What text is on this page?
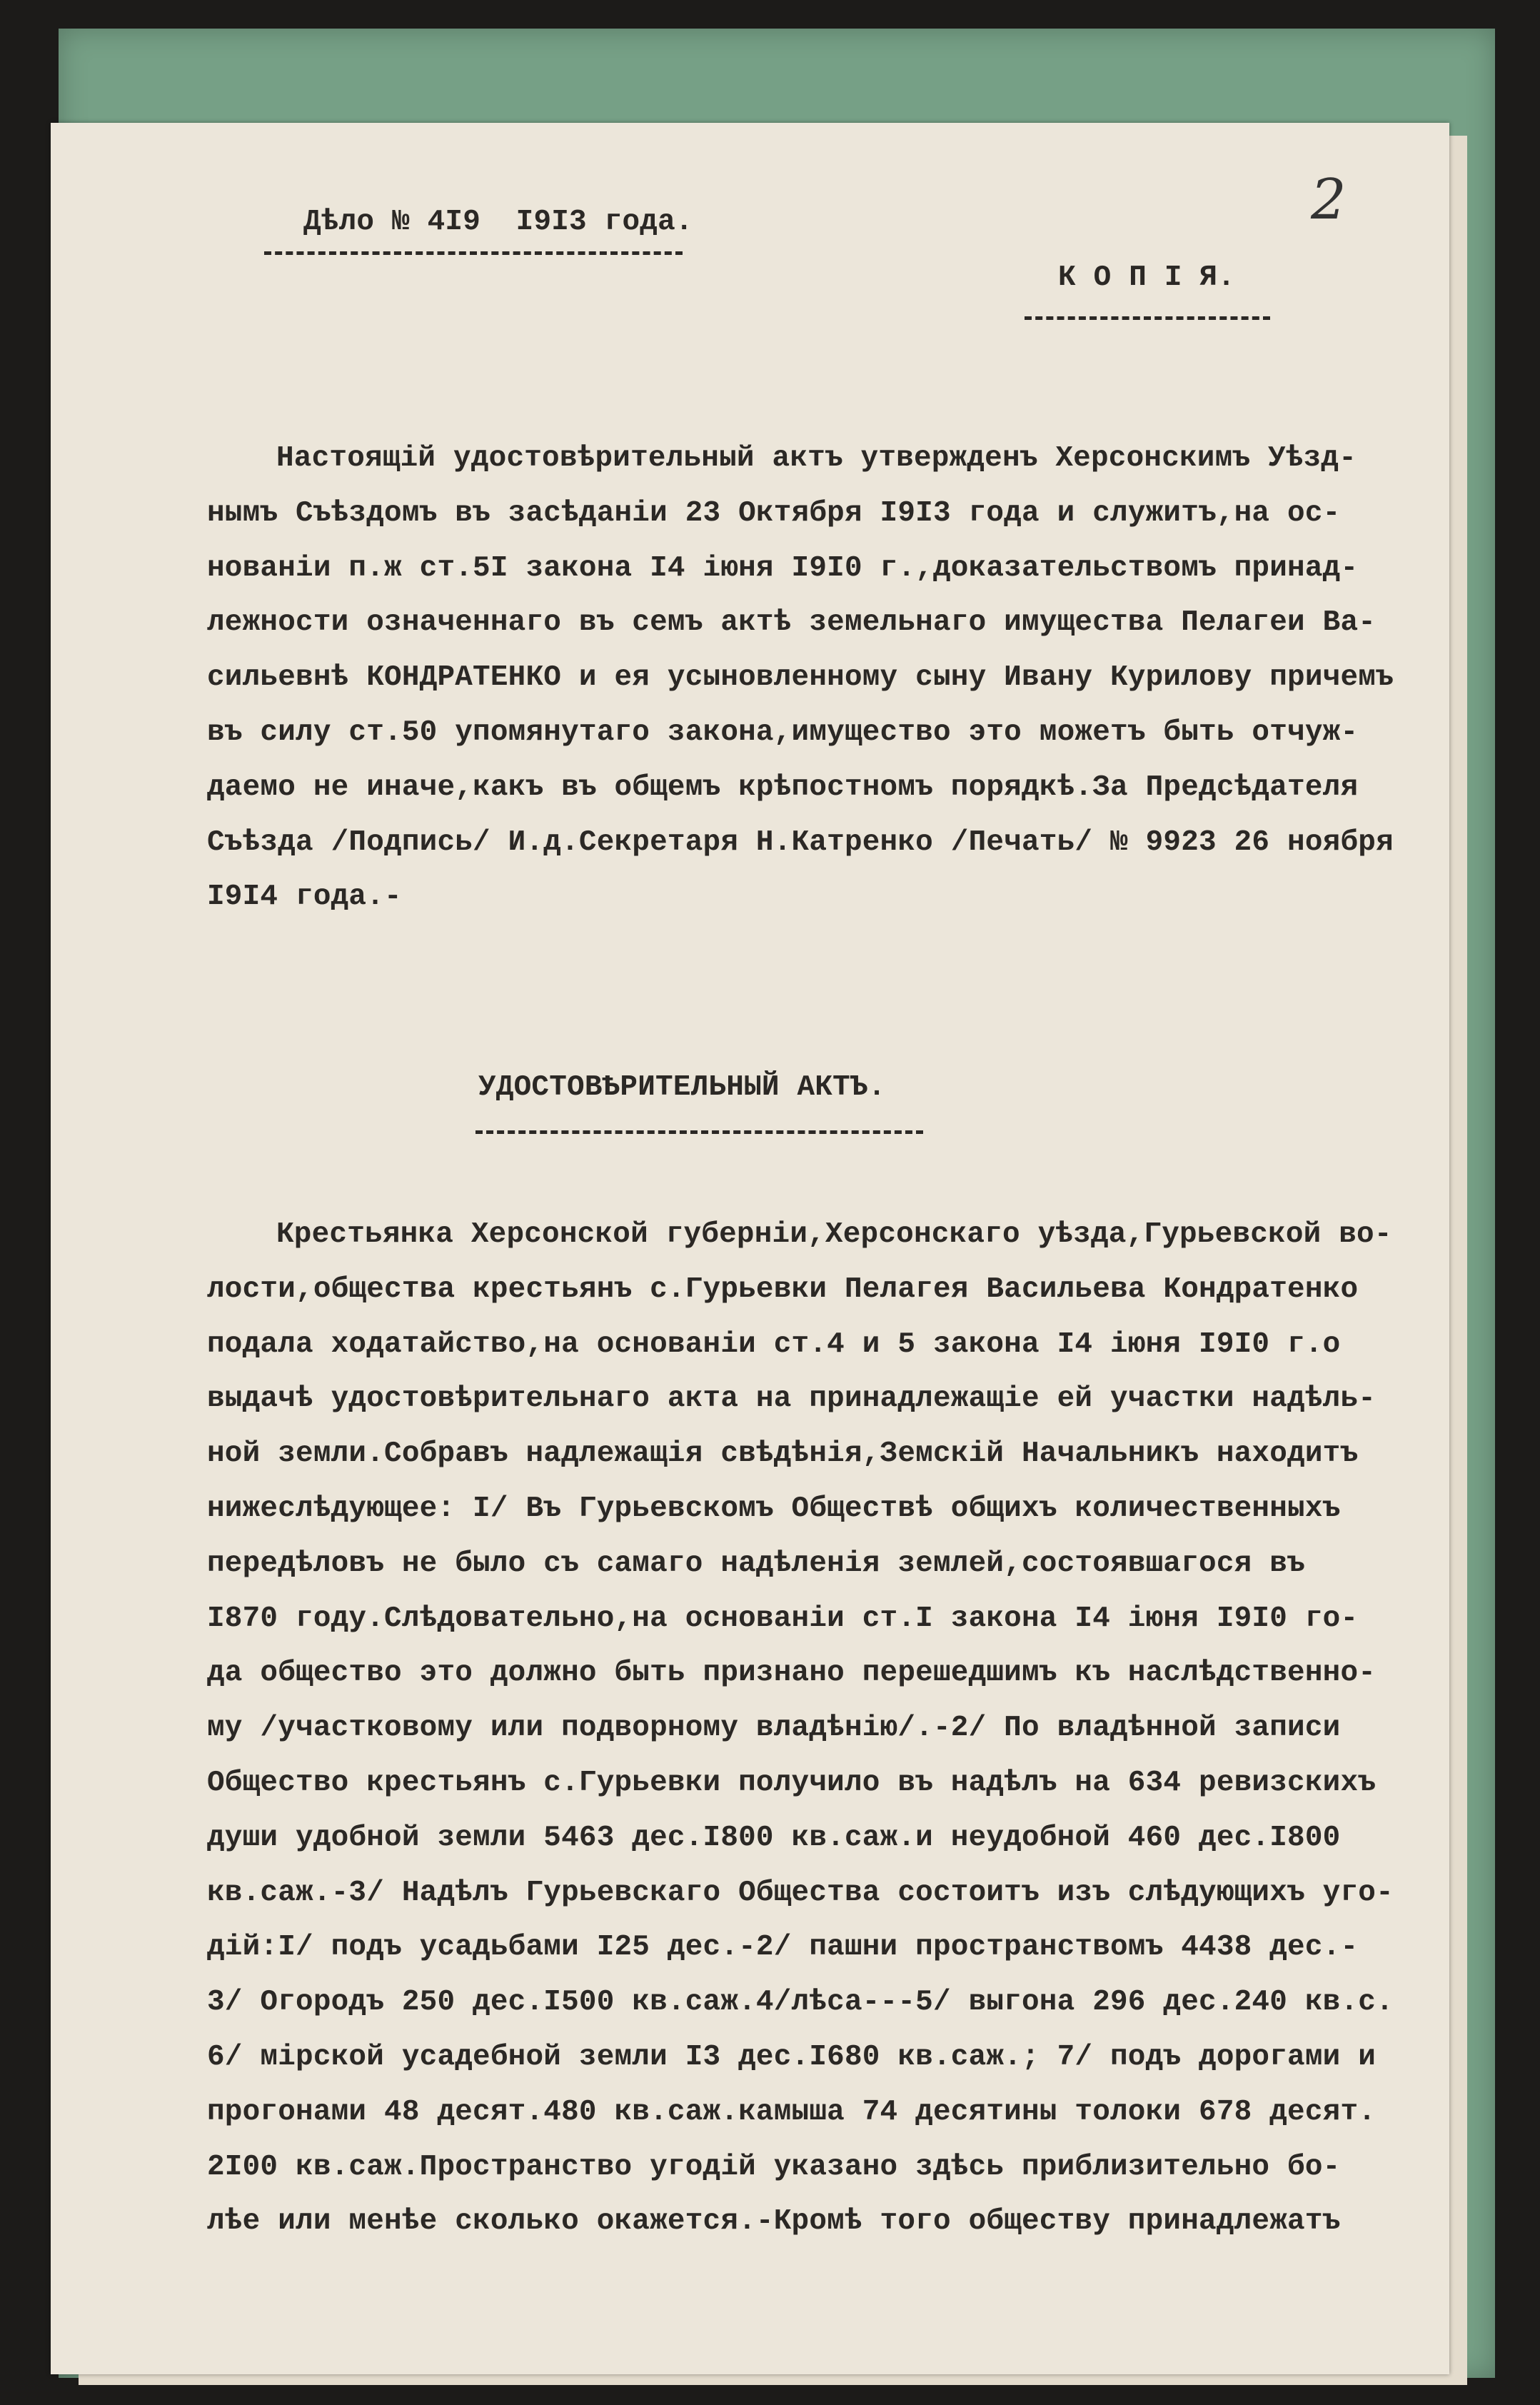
2
Дѣло № 4I9  I9I3 года.
К О П I Я.
Настоящій удостовѣрительный актъ утвержденъ Херсонскимъ Уѣзд-
нымъ Съѣздомъ въ засѣданіи 23 Октября I9I3 года и служитъ,на ос-
нованіи п.ж ст.5I закона I4 іюня I9I0 г.,доказательствомъ принад-
лежности означеннаго въ семъ актѣ земельнаго имущества Пелагеи Ва-
сильевнѣ КОНДРАТЕНКО и ея усыновленному сыну Ивану Курилову причемъ
въ силу ст.50 упомянутаго закона,имущество это можетъ быть отчуж-
даемо не иначе,какъ въ общемъ крѣпостномъ порядкѣ.За Предсѣдателя
Съѣзда /Подпись/ И.д.Секретаря Н.Катренко /Печать/ № 9923 26 ноября
I9I4 года.-
УДОСТОВѢРИТЕЛЬНЫЙ АКТЪ.
Крестьянка Херсонской губерніи,Херсонскаго уѣзда,Гурьевской во-
лости,общества крестьянъ с.Гурьевки Пелагея Васильева Кондратенко
подала ходатайство,на основаніи ст.4 и 5 закона I4 іюня I9I0 г.о
выдачѣ удостовѣрительнаго акта на принадлежащіе ей участки надѣль-
ной земли.Собравъ надлежащія свѣдѣнія,Земскій Начальникъ находитъ
нижеслѣдующее: I/ Въ Гурьевскомъ Обществѣ общихъ количественныхъ
передѣловъ не было съ самаго надѣленія землей,состоявшагося въ
I870 году.Слѣдовательно,на основаніи ст.I закона I4 іюня I9I0 го-
да общество это должно быть признано перешедшимъ къ наслѣдственно-
му /участковому или подворному владѣнію/.-2/ По владѣнной записи
Общество крестьянъ с.Гурьевки получило въ надѣлъ на 634 ревизскихъ
души удобной земли 5463 дес.I800 кв.саж.и неудобной 460 дес.I800
кв.саж.-3/ Надѣлъ Гурьевскаго Общества состоитъ изъ слѣдующихъ уго-
дій:I/ подъ усадьбами I25 дес.-2/ пашни пространствомъ 4438 дес.-
3/ Огородъ 250 дес.I500 кв.саж.4/лѣса---5/ выгона 296 дес.240 кв.с.
6/ мірской усадебной земли I3 дес.I680 кв.саж.; 7/ подъ дорогами и
прогонами 48 десят.480 кв.саж.камыша 74 десятины толоки 678 десят.
2I00 кв.саж.Пространство угодій указано здѣсь приблизительно бо-
лѣе или менѣе сколько окажется.-Кромѣ того обществу принадлежатъ
